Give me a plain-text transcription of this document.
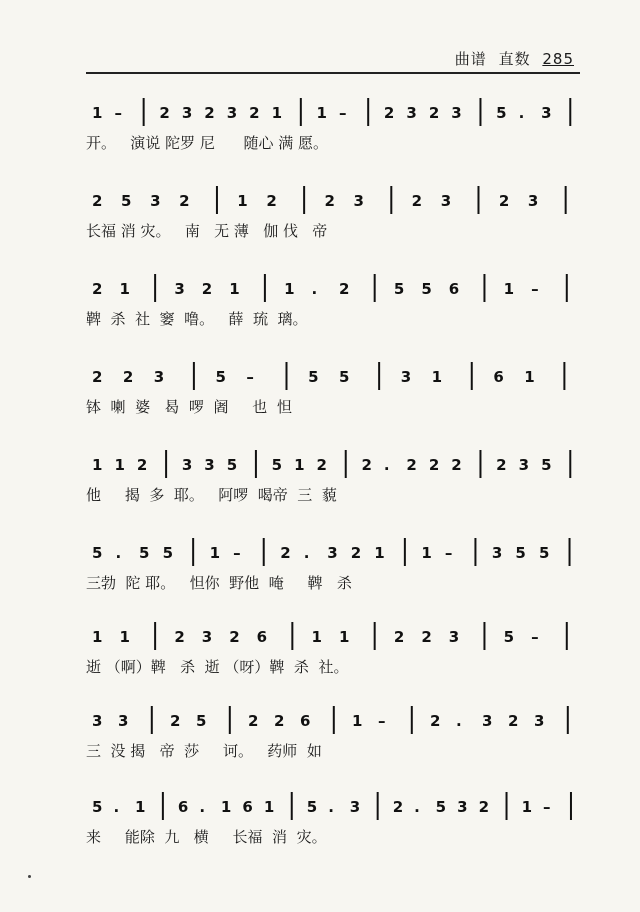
曲谱 直数 285
1 – 2 3 2 3 2 1 1 – 2 3 2 3 5 . 3
开。   演说 陀罗 尼      随心 满 愿。
2 5 3 2	1 2	2 3	2 3	2 3
长福 消 灾。   南   无 薄   伽 伐   帝
2 1	3 2 1	1 . 2	5 5 6	1 –
鞞  杀  社  窭  噜。   薛  琉  璃。
2 2 3	5 –	5 5	3 1	6 1
钵  喇  婆   曷  啰  阇     也  怛
1 1 2 3 3 5 5 1 2 2 . 2 2 2 2 3 5
他     揭  多  耶。   阿啰  喝帝  三  藐
5 . 5 5 1 –	2 . 3 2 1 1 –	3 5 5
三勃  陀 耶。   怛你  野他  唵     鞞   杀
1 1	2 3 2 6	1 1	2 2 3	5 –
逝 （啊）鞞   杀  逝 （呀）鞞  杀  社。
3 3	2 5	2 2 6	1 –	2 . 3 2 3
三  没 揭   帝  莎     诃。   药师  如
5 . 1 6 . 1 6 1 5 . 3 2 . 5 3 2 1 –
来     能除  九   横     长福  消  灾。
